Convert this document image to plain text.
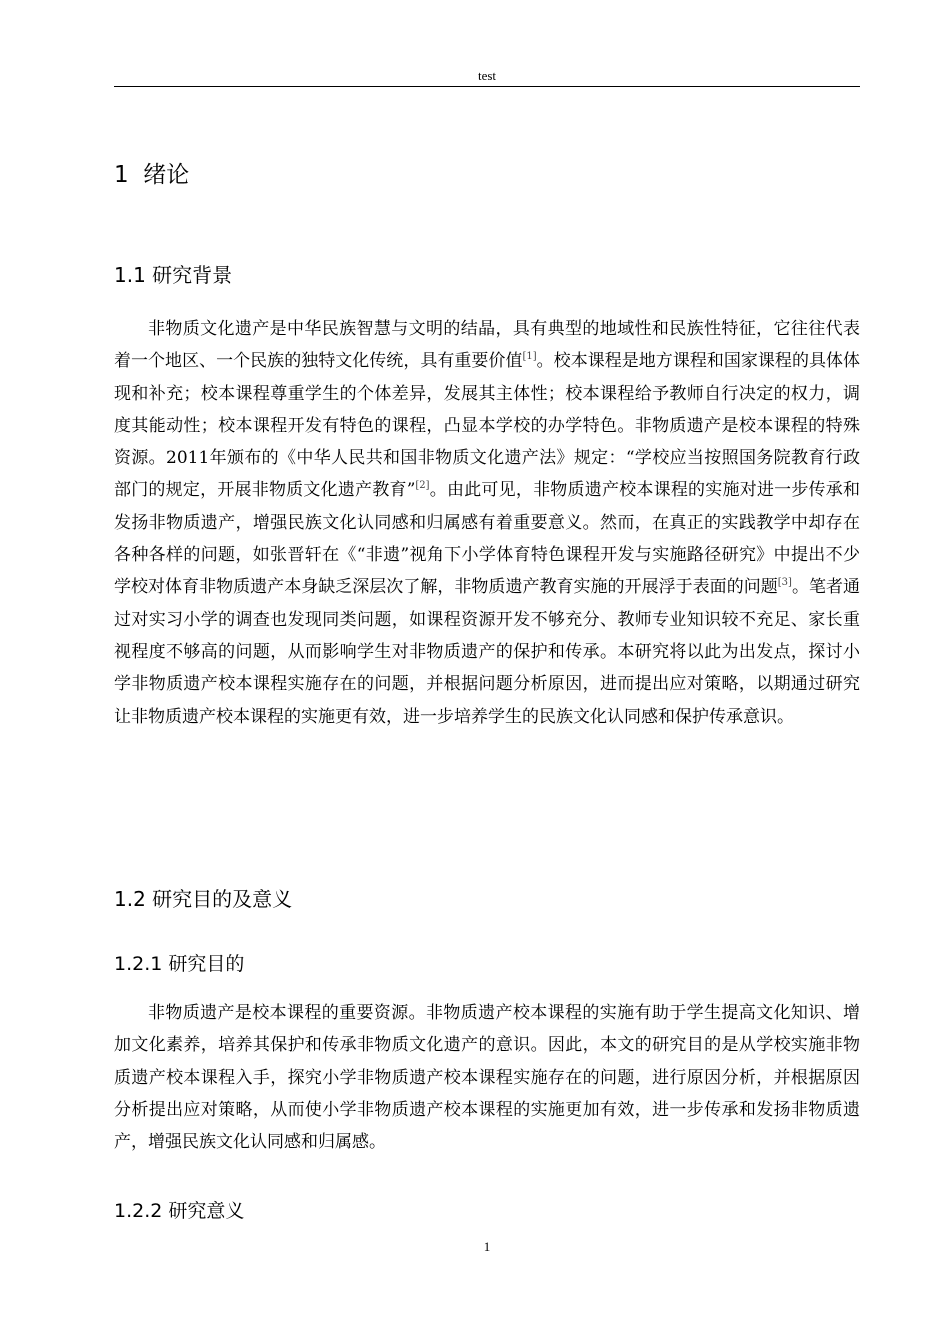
test
1  绪论
1.1 研究背景

非物质文化遗产是中华民族智慧与文明的结晶，具有典型的地域性和民族性特征，它往往代表着一个地区、一个民族的独特文化传统，具有重要价值[1]。校本课程是地方课程和国家课程的具体体现和补充；校本课程尊重学生的个体差异，发展其主体性；校本课程给予教师自行决定的权力，调度其能动性；校本课程开发有特色的课程，凸显本学校的办学特色。非物质遗产是校本课程的特殊资源。2011年颁布的《中华人民共和国非物质文化遗产法》规定：“学校应当按照国务院教育行政部门的规定，开展非物质文化遗产教育”[2]。由此可见，非物质遗产校本课程的实施对进一步传承和发扬非物质遗产，增强民族文化认同感和归属感有着重要意义。然而，在真正的实践教学中却存在各种各样的问题，如张晋轩在《“非遗”视角下小学体育特色课程开发与实施路径研究》中提出不少学校对体育非物质遗产本身缺乏深层次了解，非物质遗产教育实施的开展浮于表面的问题[3]。笔者通过对实习小学的调查也发现同类问题，如课程资源开发不够充分、教师专业知识较不充足、家长重视程度不够高的问题，从而影响学生对非物质遗产的保护和传承。本研究将以此为出发点，探讨小学非物质遗产校本课程实施存在的问题，并根据问题分析原因，进而提出应对策略，以期通过研究让非物质遗产校本课程的实施更有效，进一步培养学生的民族文化认同感和保护传承意识。

1.2 研究目的及意义
1.2.1 研究目的

非物质遗产是校本课程的重要资源。非物质遗产校本课程的实施有助于学生提高文化知识、增加文化素养，培养其保护和传承非物质文化遗产的意识。因此，本文的研究目的是从学校实施非物质遗产校本课程入手，探究小学非物质遗产校本课程实施存在的问题，进行原因分析，并根据原因分析提出应对策略，从而使小学非物质遗产校本课程的实施更加有效，进一步传承和发扬非物质遗产，增强民族文化认同感和归属感。

1.2.2 研究意义
1
